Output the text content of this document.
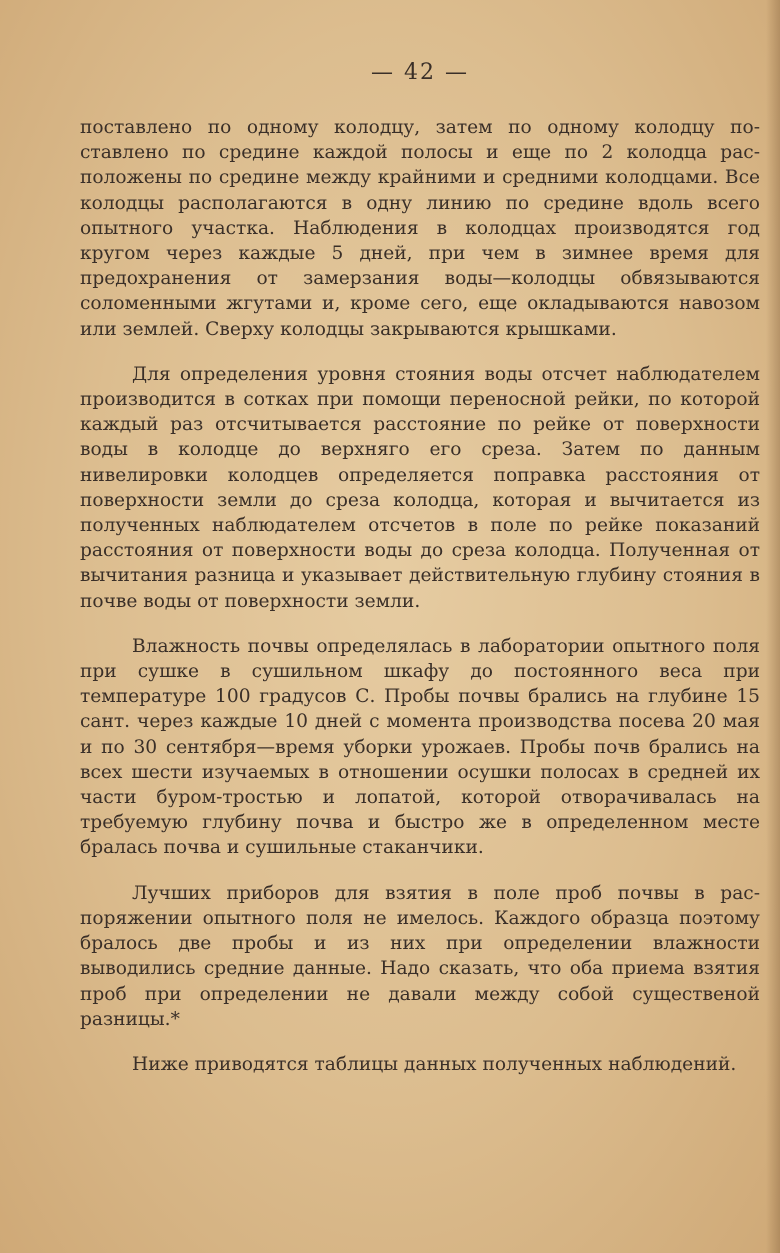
— 42 —

поставлено по одному колодцу, затем по одному колодцу поставлено по средине каждой полосы и еще по 2 колодца расположены по средине между крайними и средними колодцами. Все колодцы располагаются в одну линию по средине вдоль всего опытного участка. Наблюдения в колодцах производятся год кругом через каждые 5 дней, при чем в зимнее время для предохранения от замерзания воды—колодцы обвязываются соломенными жгутами и, кроме сего, еще окладываются навозом или землей. Сверху колодцы закрываются крышками.

Для определения уровня стояния воды отсчет наблюдателем производится в сотках при помощи переносной рейки, по которой каждый раз отсчитывается расстояние по рейке от поверхности воды в колодце до верхняго его среза. Затем по данным нивелировки колодцев определяется поправка расстояния от поверхности земли до среза колодца, которая и вычитается из полученных наблюдателем отсчетов в поле по рейке показаний расстояния от поверхности воды до среза колодца. Полученная от вычитания разница и указывает действительную глубину стояния в почве воды от поверхности земли.

Влажность почвы определялась в лаборатории опытного поля при сушке в сушильном шкафу до постоянного веса при температуре 100 градусов С. Пробы почвы брались на глубине 15 сант. через каждые 10 дней с момента производства посева 20 мая и по 30 сентября—время уборки урожаев. Пробы почв брались на всех шести изучаемых в отношении осушки полосах в средней их части буром-тростью и лопатой, которой отворачивалась на требуемую глубину почва и быстро же в определенном месте бралась почва и сушильные стаканчики.

Лучших приборов для взятия в поле проб почвы в распоряжении опытного поля не имелось. Каждого образца поэтому бралось две пробы и из них при определении влажности выводились средние данные. Надо сказать, что оба приема взятия проб при определении не давали между собой существеной разницы.*

Ниже приводятся таблицы данных полученных наблюдений.
